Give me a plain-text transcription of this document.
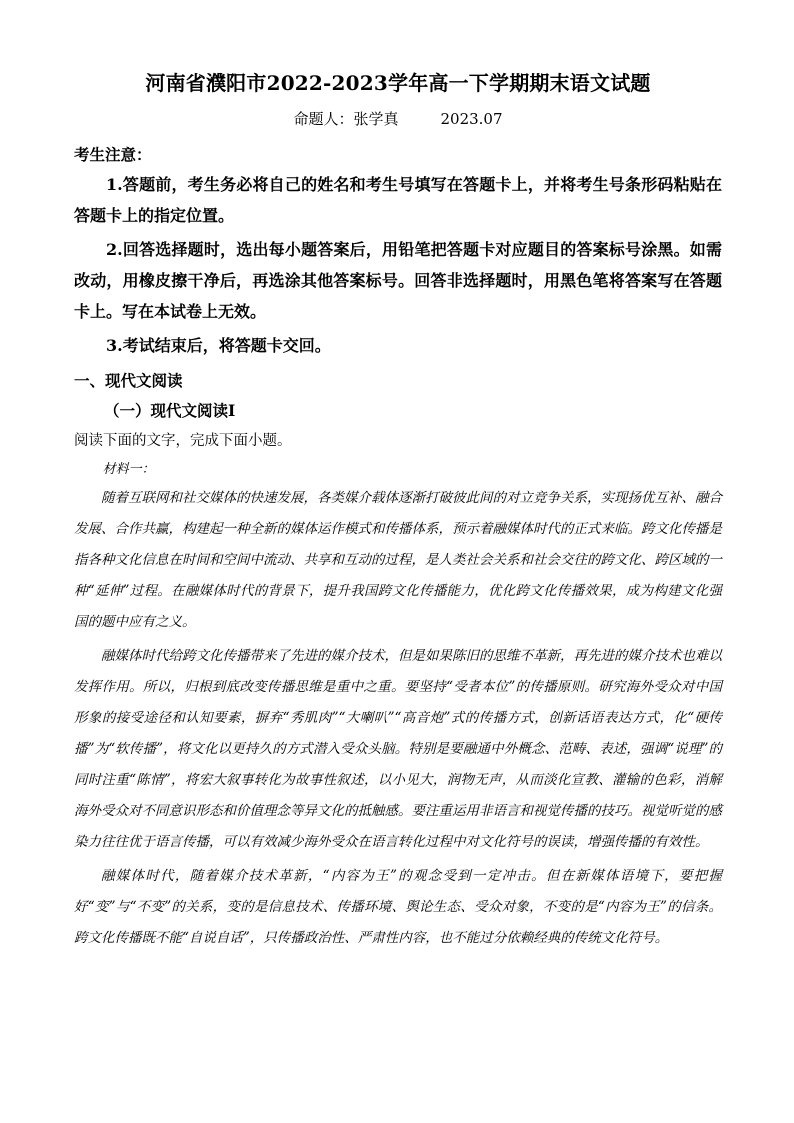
河南省濮阳市2022-2023学年高一下学期期末语文试题
命题人：张学真	2023.07
考生注意：
1.答题前，考生务必将自己的姓名和考生号填写在答题卡上，并将考生号条形码粘贴在答题卡上的指定位置。
2.回答选择题时，选出每小题答案后，用铅笔把答题卡对应题目的答案标号涂黑。如需改动，用橡皮擦干净后，再选涂其他答案标号。回答非选择题时，用黑色笔将答案写在答题卡上。写在本试卷上无效。
3.考试结束后，将答题卡交回。
一、现代文阅读
（一）现代文阅读Ⅰ
阅读下面的文字，完成下面小题。
材料一：

随着互联网和社交媒体的快速发展，各类媒介载体逐渐打破彼此间的对立竞争关系，实现扬优互补、融合发展、合作共赢，构建起一种全新的媒体运作模式和传播体系，预示着融媒体时代的正式来临。跨文化传播是指各种文化信息在时间和空间中流动、共享和互动的过程，是人类社会关系和社会交往的跨文化、跨区域的一种“延伸”过程。在融媒体时代的背景下，提升我国跨文化传播能力，优化跨文化传播效果，成为构建文化强国的题中应有之义。

融媒体时代给跨文化传播带来了先进的媒介技术，但是如果陈旧的思维不革新，再先进的媒介技术也难以发挥作用。所以，归根到底改变传播思维是重中之重。要坚持“受者本位”的传播原则。研究海外受众对中国形象的接受途径和认知要素，摒弃“秀肌肉”“大喇叭”“高音炮”式的传播方式，创新话语表达方式，化“硬传播”为“软传播”，将文化以更持久的方式潜入受众头脑。特别是要融通中外概念、范畴、表述，强调“说理”的同时注重“陈情”，将宏大叙事转化为故事性叙述，以小见大，润物无声，从而淡化宣教、灌输的色彩，消解海外受众对不同意识形态和价值理念等异文化的抵触感。要注重运用非语言和视觉传播的技巧。视觉听觉的感染力往往优于语言传播，可以有效减少海外受众在语言转化过程中对文化符号的误读，增强传播的有效性。

融媒体时代，随着媒介技术革新，“内容为王”的观念受到一定冲击。但在新媒体语境下，要把握好“变”与“不变”的关系，变的是信息技术、传播环境、舆论生态、受众对象，不变的是“内容为王”的信条。跨文化传播既不能“自说自话”，只传播政治性、严肃性内容，也不能过分依赖经典的传统文化符号。
